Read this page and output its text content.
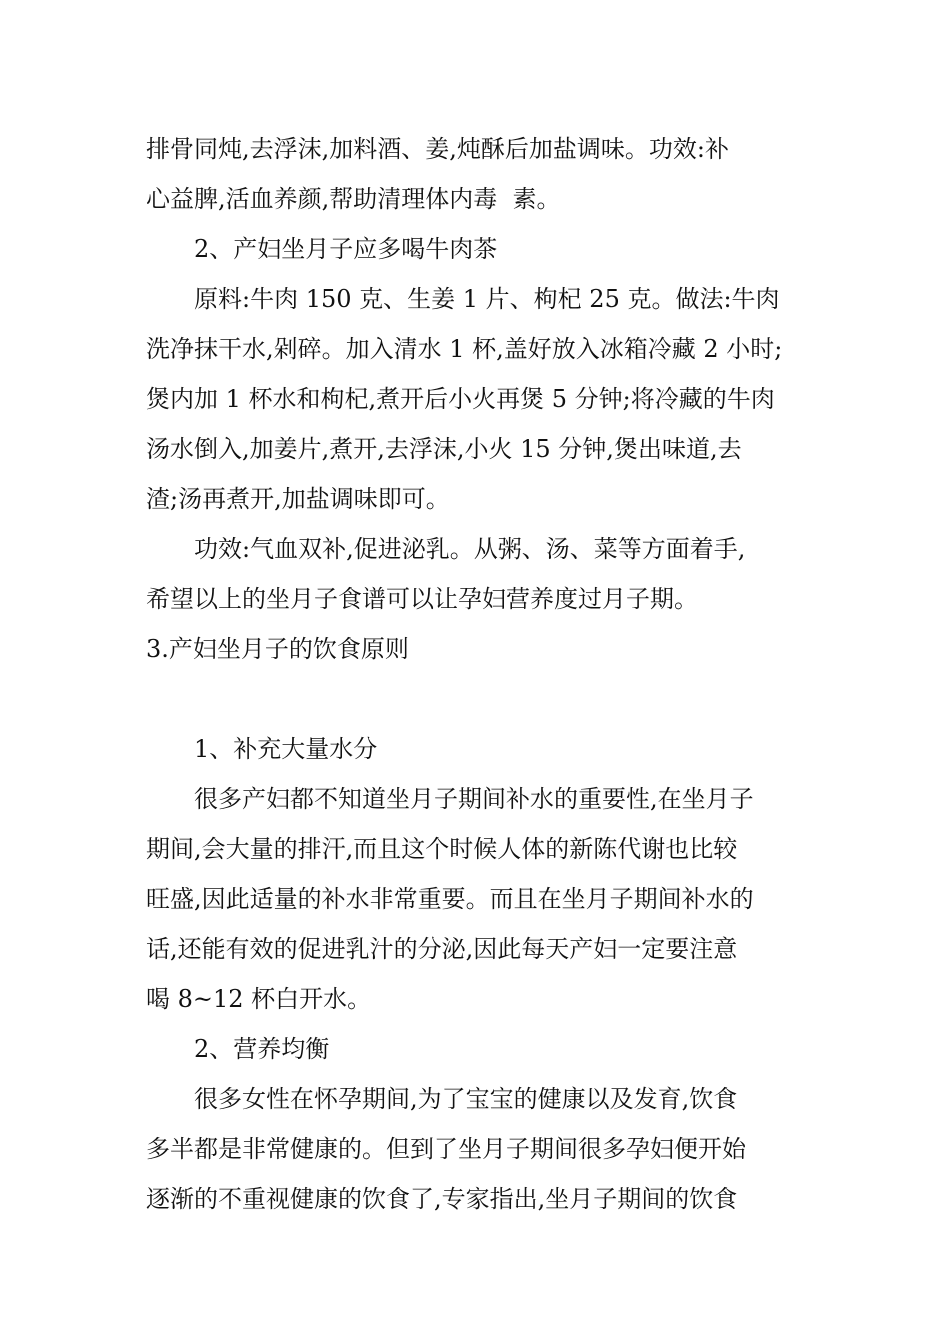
排骨同炖,去浮沫,加料酒、姜,炖酥后加盐调味。功效:补
心益脾,活血养颜,帮助清理体内毒  素。
2、产妇坐月子应多喝牛肉茶
原料:牛肉 150 克、生姜 1 片、枸杞 25 克。做法:牛肉
洗净抹干水,剁碎。加入清水 1 杯,盖好放入冰箱冷藏 2 小时;
煲内加 1 杯水和枸杞,煮开后小火再煲 5 分钟;将冷藏的牛肉
汤水倒入,加姜片,煮开,去浮沫,小火 15 分钟,煲出味道,去
渣;汤再煮开,加盐调味即可。
功效:气血双补,促进泌乳。从粥、汤、菜等方面着手,
希望以上的坐月子食谱可以让孕妇营养度过月子期。
3.产妇坐月子的饮食原则
1、补充大量水分
很多产妇都不知道坐月子期间补水的重要性,在坐月子
期间,会大量的排汗,而且这个时候人体的新陈代谢也比较
旺盛,因此适量的补水非常重要。而且在坐月子期间补水的
话,还能有效的促进乳汁的分泌,因此每天产妇一定要注意
喝 8~12 杯白开水。
2、营养均衡
很多女性在怀孕期间,为了宝宝的健康以及发育,饮食
多半都是非常健康的。但到了坐月子期间很多孕妇便开始
逐渐的不重视健康的饮食了,专家指出,坐月子期间的饮食
